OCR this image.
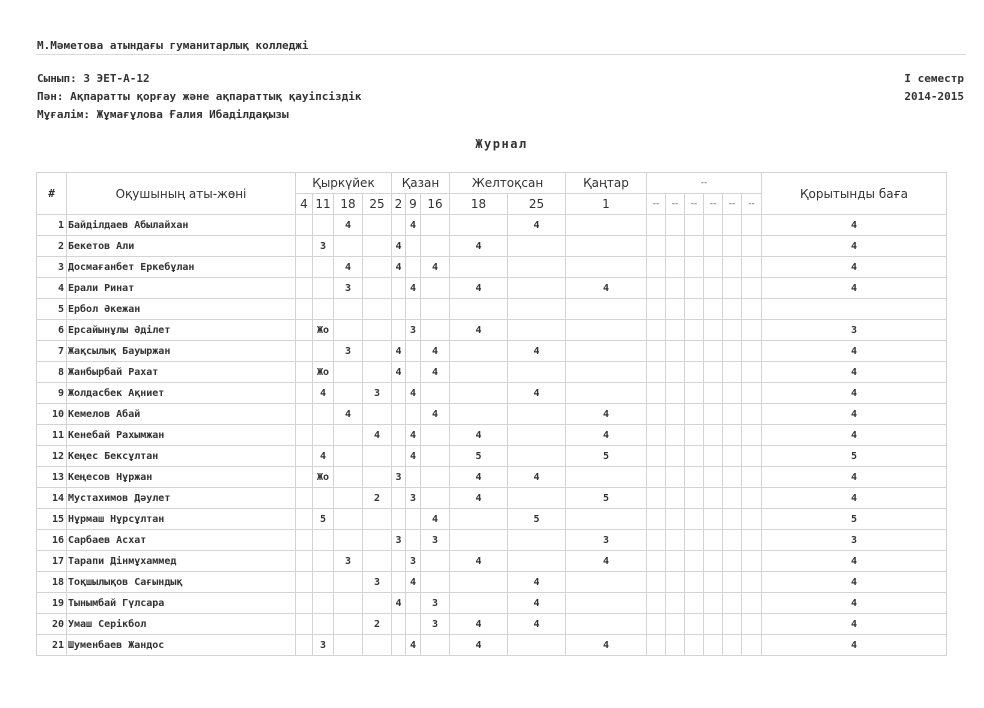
М.Мәметова атындағы гуманитарлық колледжі
Сынып: 3 ЭЕТ-А-12
Пән: Ақпаратты қорғау және ақпараттық қауіпсіздік
Мұғалім: Жұмағұлова Ғалия Ибаділдақызы
I семестр
2014-2015
Журнал
#	Оқушының аты-жөні	Қыркүйек				Қазан			Желтоқсан		Қаңтар	--						Қорытынды баға
		4	11	18	25	2	9	16	18	25	1	--	--	--	--	--	--	
1	Байділдаев Абылайхан			4			4			4								4
2	Бекетов Али		3			4			4									4
3	Досмағанбет Еркебұлан			4		4		4										4
4	Ерали Ринат			3			4		4		4							4
5	Ербол Әкежан																	
6	Ерсайынұлы Әділет		Жо				3		4									3
7	Жақсылық Бауыржан			3		4		4		4								4
8	Жанбырбай Рахат		Жо			4		4										4
9	Жолдасбек Ақниет		4		3		4			4								4
10	Кемелов Абай			4				4			4							4
11	Кенебай Рахымжан				4		4		4		4							4
12	Кеңес Бексұлтан		4				4		5		5							5
13	Кеңесов Нұржан		Жо			3			4	4								4
14	Мустахимов Дәулет				2		3		4		5							4
15	Нұрмаш Нұрсұлтан		5					4		5								5
16	Сарбаев Асхат					3		3			3							3
17	Тарапи Дінмұхаммед			3			3		4		4							4
18	Тоқшылықов Сағындық				3		4			4								4
19	Тынымбай Гүлсара					4		3		4								4
20	Умаш Серікбол				2			3	4	4								4
21	Шуменбаев Жандос		3				4		4		4							4
